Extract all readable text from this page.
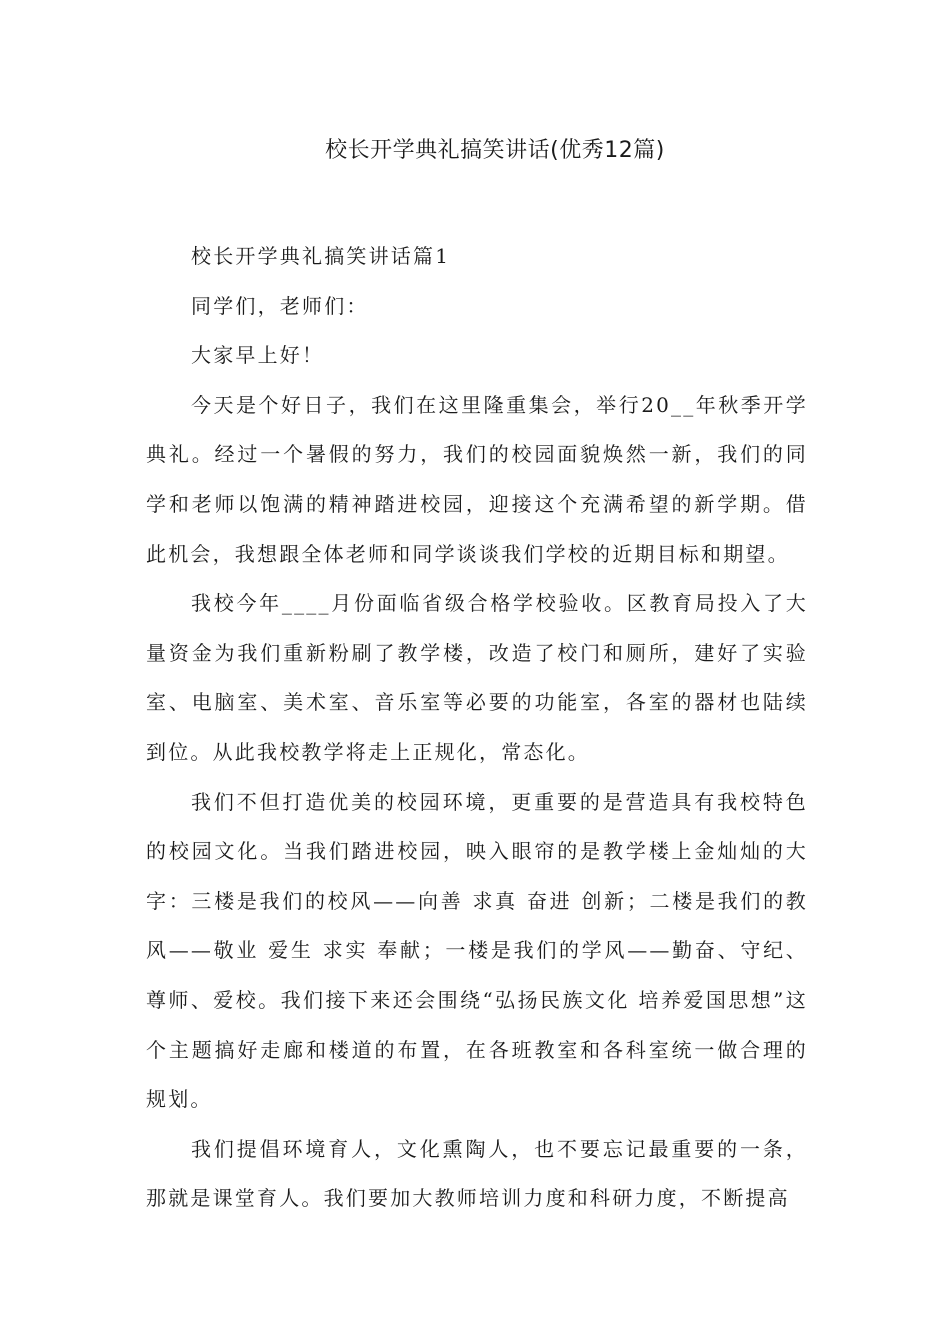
校长开学典礼搞笑讲话(优秀12篇)

校长开学典礼搞笑讲话篇1

同学们，老师们：

大家早上好！

今天是个好日子，我们在这里隆重集会，举行20__年秋季开学典礼。经过一个暑假的努力，我们的校园面貌焕然一新，我们的同学和老师以饱满的精神踏进校园，迎接这个充满希望的新学期。借此机会，我想跟全体老师和同学谈谈我们学校的近期目标和期望。

我校今年____月份面临省级合格学校验收。区教育局投入了大量资金为我们重新粉刷了教学楼，改造了校门和厕所，建好了实验室、电脑室、美术室、音乐室等必要的功能室，各室的器材也陆续到位。从此我校教学将走上正规化，常态化。

我们不但打造优美的校园环境，更重要的是营造具有我校特色的校园文化。当我们踏进校园，映入眼帘的是教学楼上金灿灿的大字：三楼是我们的校风——向善 求真 奋进 创新；二楼是我们的教风——敬业 爱生 求实 奉献；一楼是我们的学风——勤奋、守纪、尊师、爱校。我们接下来还会围绕“弘扬民族文化 培养爱国思想”这个主题搞好走廊和楼道的布置，在各班教室和各科室统一做合理的规划。

我们提倡环境育人，文化熏陶人，也不要忘记最重要的一条，那就是课堂育人。我们要加大教师培训力度和科研力度，不断提高
